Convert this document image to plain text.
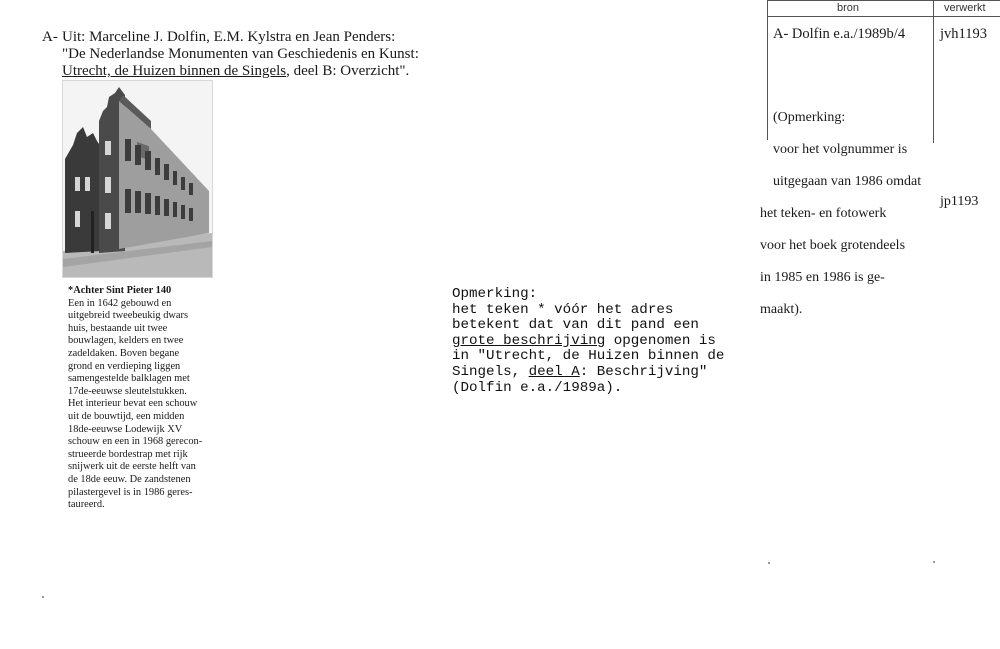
bron	verwerkt
A- Dolfin e.a./1989b/4 jvh1193

(Opmerking:

voor het volgnummer is

uitgegaan van 1986 omdat

het teken- en fotowerk

voor het boek grotendeels

in 1985 en 1986 is ge-

maakt).

jp1193
A- Uit: Marceline J. Dolfin, E.M. Kylstra en Jean Penders:
"De Nederlandse Monumenten van Geschiedenis en Kunst:
Utrecht, de Huizen binnen de Singels, deel B: Overzicht".
*Achter Sint Pieter 140
Een in 1642 gebouwd en
uitgebreid tweebeukig dwars
huis, bestaande uit twee
bouwlagen, kelders en twee
zadeldaken. Boven begane
grond en verdieping liggen
samengestelde balklagen met
17de-eeuwse sleutelstukken.
Het interieur bevat een schouw
uit de bouwtijd, een midden
18de-eeuwse Lodewijk XV
schouw en een in 1968 gerecon-
strueerde bordestrap met rijk
snijwerk uit de eerste helft van
de 18de eeuw. De zandstenen
pilastergevel is in 1986 geres-
taureerd.
Opmerking:
het teken * vóór het adres
betekent dat van dit pand een
grote beschrijving opgenomen is
in "Utrecht, de Huizen binnen de
Singels, deel A: Beschrijving"
(Dolfin e.a./1989a).
